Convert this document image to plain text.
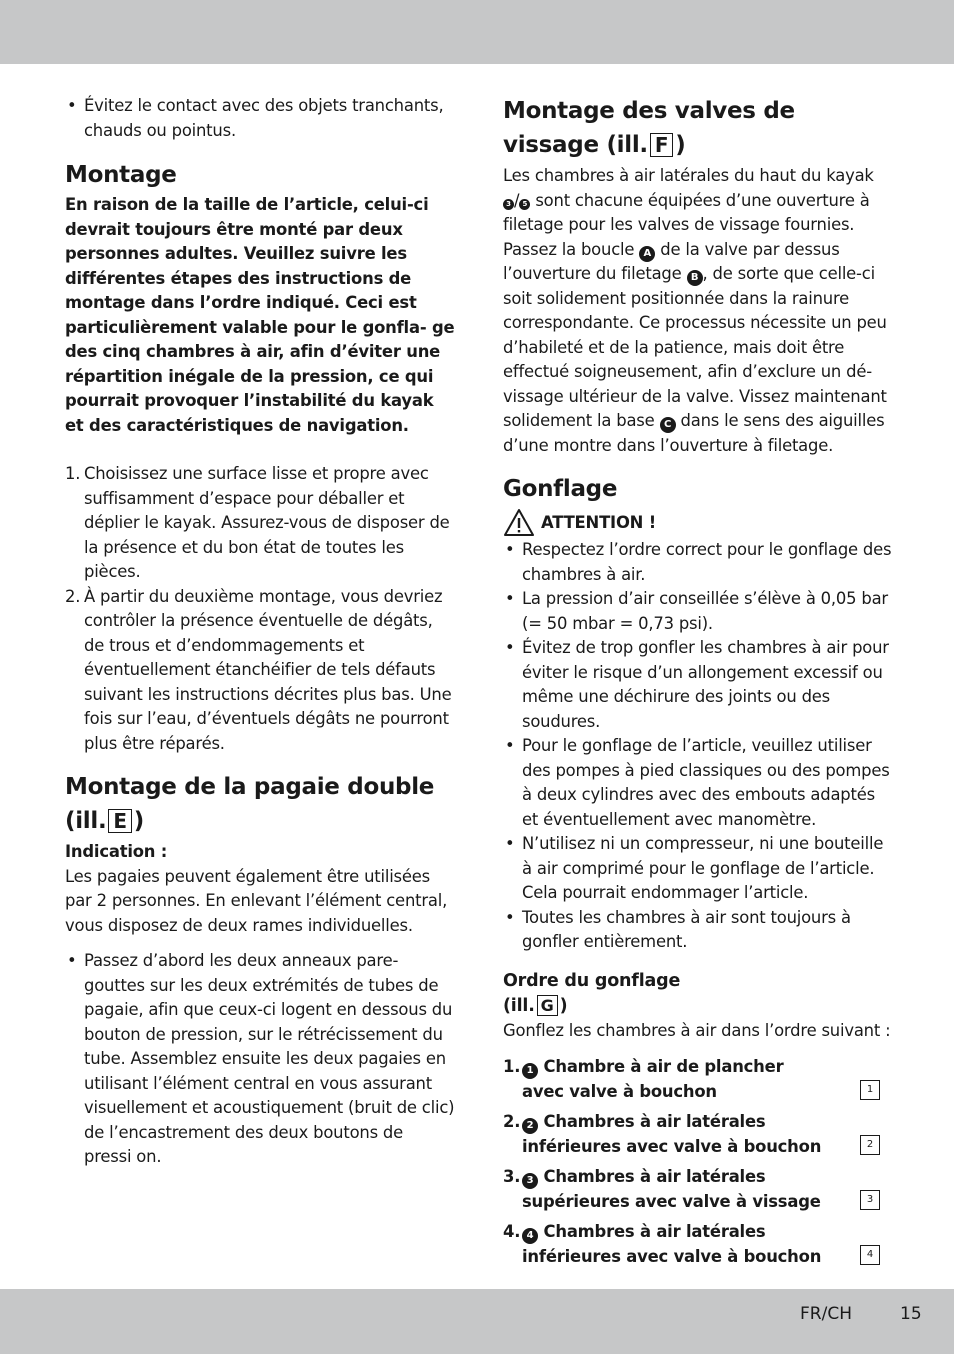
• Évitez le contact avec des objets tranchants, chauds ou pointus.

Montage

En raison de la taille de l’article, celui-ci devrait toujours être monté par deux personnes adultes. Veuillez suivre les différentes étapes des instructions de montage dans l’ordre indiqué. Ceci est particulièrement valable pour le gonfla- ge des cinq chambres à air, afin d’éviter une répartition inégale de la pression, ce qui pourrait provoquer l’instabilité du kayak et des caractéristiques de navigation.

1. Choisissez une surface lisse et propre avec suffisamment d’espace pour déballer et déplier le kayak. Assurez-vous de disposer de la présence et du bon état de toutes les pièces.
2. À partir du deuxième montage, vous devriez contrôler la présence éventuelle de dégâts, de trous et d’endommagements et éventuellement étanchéifier de tels défauts suivant les instructions décrites plus bas. Une fois sur l’eau, d’éventuels dégâts ne pourront plus être réparés.
Montage de la pagaie double (ill. E )

Indication :

Les pagaies peuvent également être utilisées par 2 personnes. En enlevant l’élément central, vous disposez de deux rames individuelles.

• Passez d’abord les deux anneaux pare- gouttes sur les deux extrémités de tubes de pagaie, afin que ceux-ci logent en dessous du bouton de pression, sur le rétrécissement du tube. Assemblez ensuite les deux pagaies en utilisant l’élément central en vous assurant visuellement et acoustiquement (bruit de clic) de l’encastrement des deux boutons de pressi on.

Montage des valves de vissage (ill. F )

Les chambres à air latérales du haut du kayak
3 / 5 sont chacune équipées d’une ouverture à filetage pour les valves de vissage fournies. Passez la boucle A de la valve par dessus l’ouverture du filetage B , de sorte que celle-ci soit solidement positionnée dans la rainure correspondante. Ce processus nécessite un peu d’habileté et de la patience, mais doit être effectué soigneusement, afin d’exclure un dé- vissage ultérieur de la valve. Vissez maintenant solidement la base C dans le sens des aiguilles d’une montre dans l’ouverture à filetage.

Gonflage
ATTENTION !

• Respectez l’ordre correct pour le gonflage des chambres à air.

• La pression d’air conseillée s’élève à 0,05 bar (= 50 mbar = 0,73 psi).

• Évitez de trop gonfler les chambres à air pour éviter le risque d’un allongement excessif ou même une déchirure des joints ou des soudures.

• Pour le gonflage de l’article, veuillez utiliser des pompes à pied classiques ou des pompes à deux cylindres avec des embouts adaptés et éventuellement avec manomètre.

• N’utilisez ni un compresseur, ni une bouteille à air comprimé pour le gonflage de l’article. Cela pourrait endommager l’article.

• Toutes les chambres à air sont toujours à gonfler entièrement.

Ordre du gonflage
(ill. G )

Gonflez les chambres à air dans l’ordre suivant :

1. 1 Chambre à air de plancher
avec valve à bouchon	1
2. 2 Chambres à air latérales
inférieures avec valve à bouchon	2
3. 3 Chambres à air latérales
supérieures avec valve à vissage	3
4. 4 Chambres à air latérales
inférieures avec valve à bouchon	4
FR/CH	15
